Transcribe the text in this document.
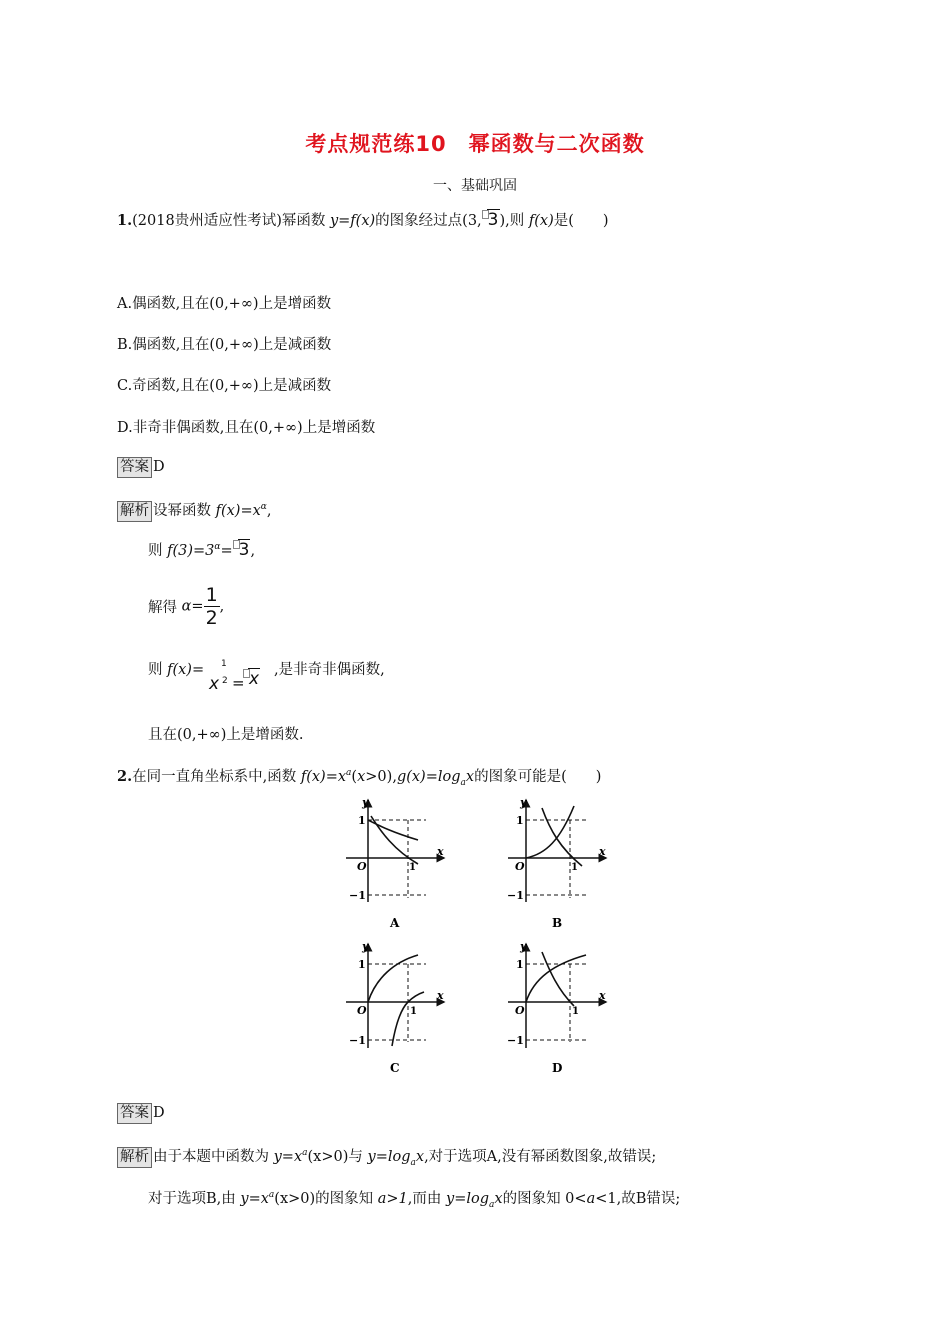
考点规范练10　幂函数与二次函数
一、基础巩固
1.(2018贵州适应性考试)幂函数 y=f(x)的图象经过点(3, 3),则 f(x)是(　　)
A.偶函数,且在(0,+∞)上是增函数
B.偶函数,且在(0,+∞)上是减函数
C.奇函数,且在(0,+∞)上是减函数
D.非奇非偶函数,且在(0,+∞)上是增函数
答案 D
解析 设幂函数 $f(x)=x^\alpha$,
则 $f(3)=3^\alpha= 3$,
解得 $\alpha= \frac{1}{2}$ ,
则 f(x)= 1
x 2 = x ,是非奇非偶函数,
且在(0,+∞)上是增函数.
2.在同一直角坐标系中,函数 $f(x)=x^a(x>0),g(x)=\log_ax$的图象可能是(　　)
y
x
O
1
1
−1
A
y
x
O
1
1
−1
B
y
x
O
1
1
−1
C
y
x
O
1
1
−1
D
答案 D
解析 由于本题中函数为 $y=x^a(x>0)$与 $y=\log_ax$,对于选项A,没有幂函数图象,故错误;
对于选项B,由 $y=x^a(x>0)$的图象知 a>1,而由 $y=\log_ax$的图象知 0<a<1,故B错误;
